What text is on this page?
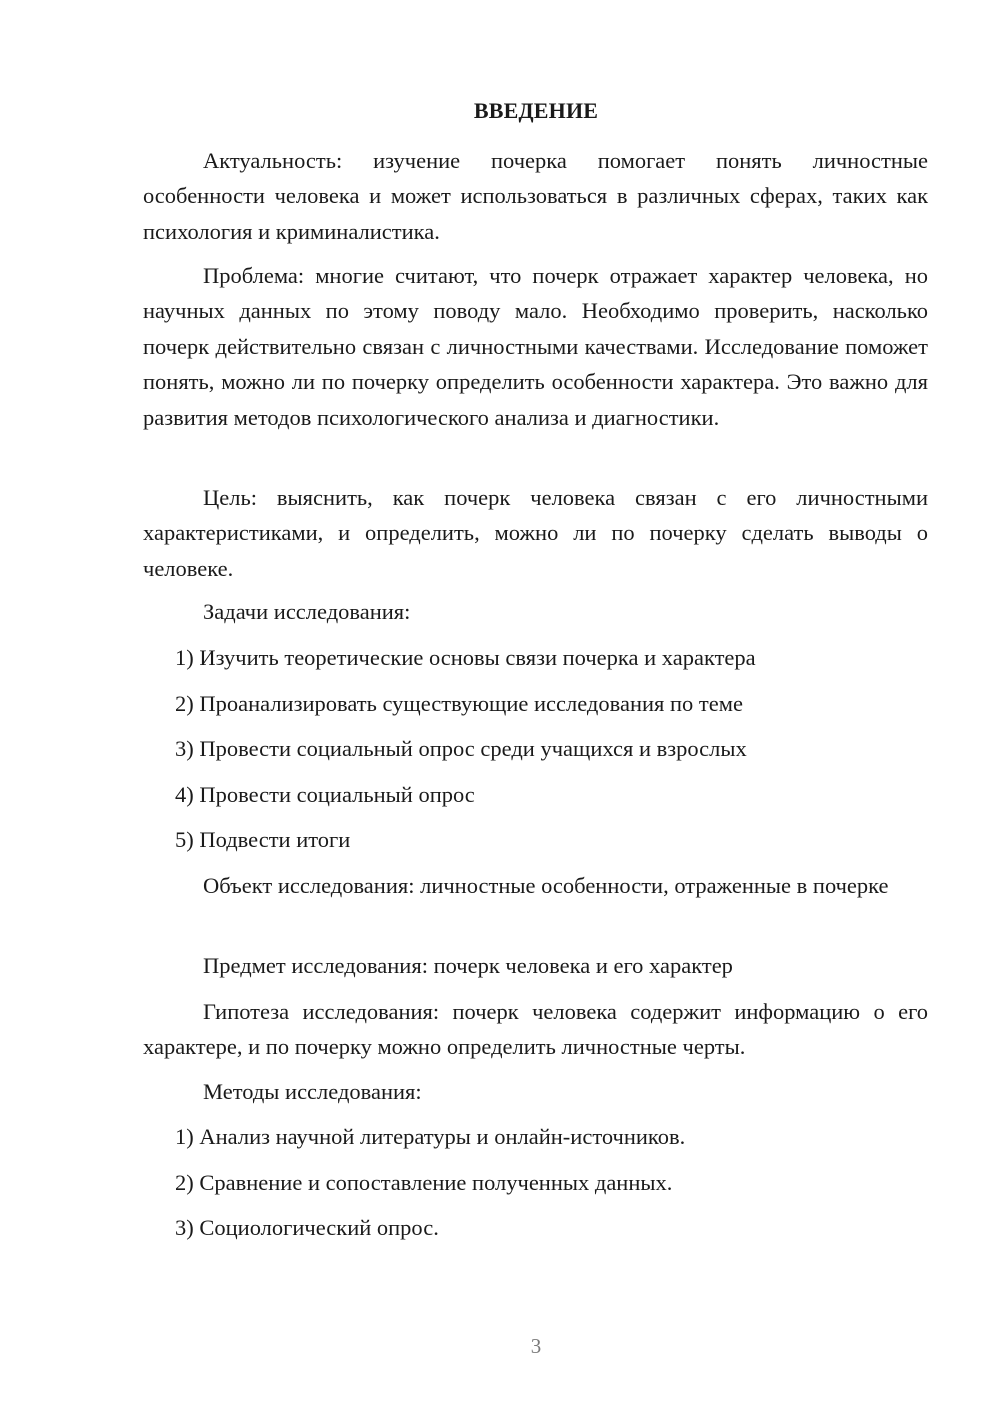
ВВЕДЕНИЕ

Актуальность: изучение почерка помогает понять личностные особенности человека и может использоваться в различных сферах, таких как психология и криминалистика.

Проблема: многие считают, что почерк отражает характер человека, но научных данных по этому поводу мало. Необходимо проверить, насколько почерк действительно связан с личностными качествами. Исследование поможет понять, можно ли по почерку определить особенности характера. Это важно для развития методов психологического анализа и диагностики.

Цель: выяснить, как почерк человека связан с его личностными характеристиками, и определить, можно ли по почерку сделать выводы о человеке.

Задачи исследования:

1) Изучить теоретические основы связи почерка и характера

2) Проанализировать существующие исследования по теме

3) Провести социальный опрос среди учащихся и взрослых

4) Провести социальный опрос

5) Подвести итоги

Объект исследования: личностные особенности, отраженные в почерке

Предмет исследования: почерк человека и его характер

Гипотеза исследования: почерк человека содержит информацию о его характере, и по почерку можно определить личностные черты.

Методы исследования:

1) Анализ научной литературы и онлайн-источников.

2) Сравнение и сопоставление полученных данных.

3) Социологический опрос.

3
